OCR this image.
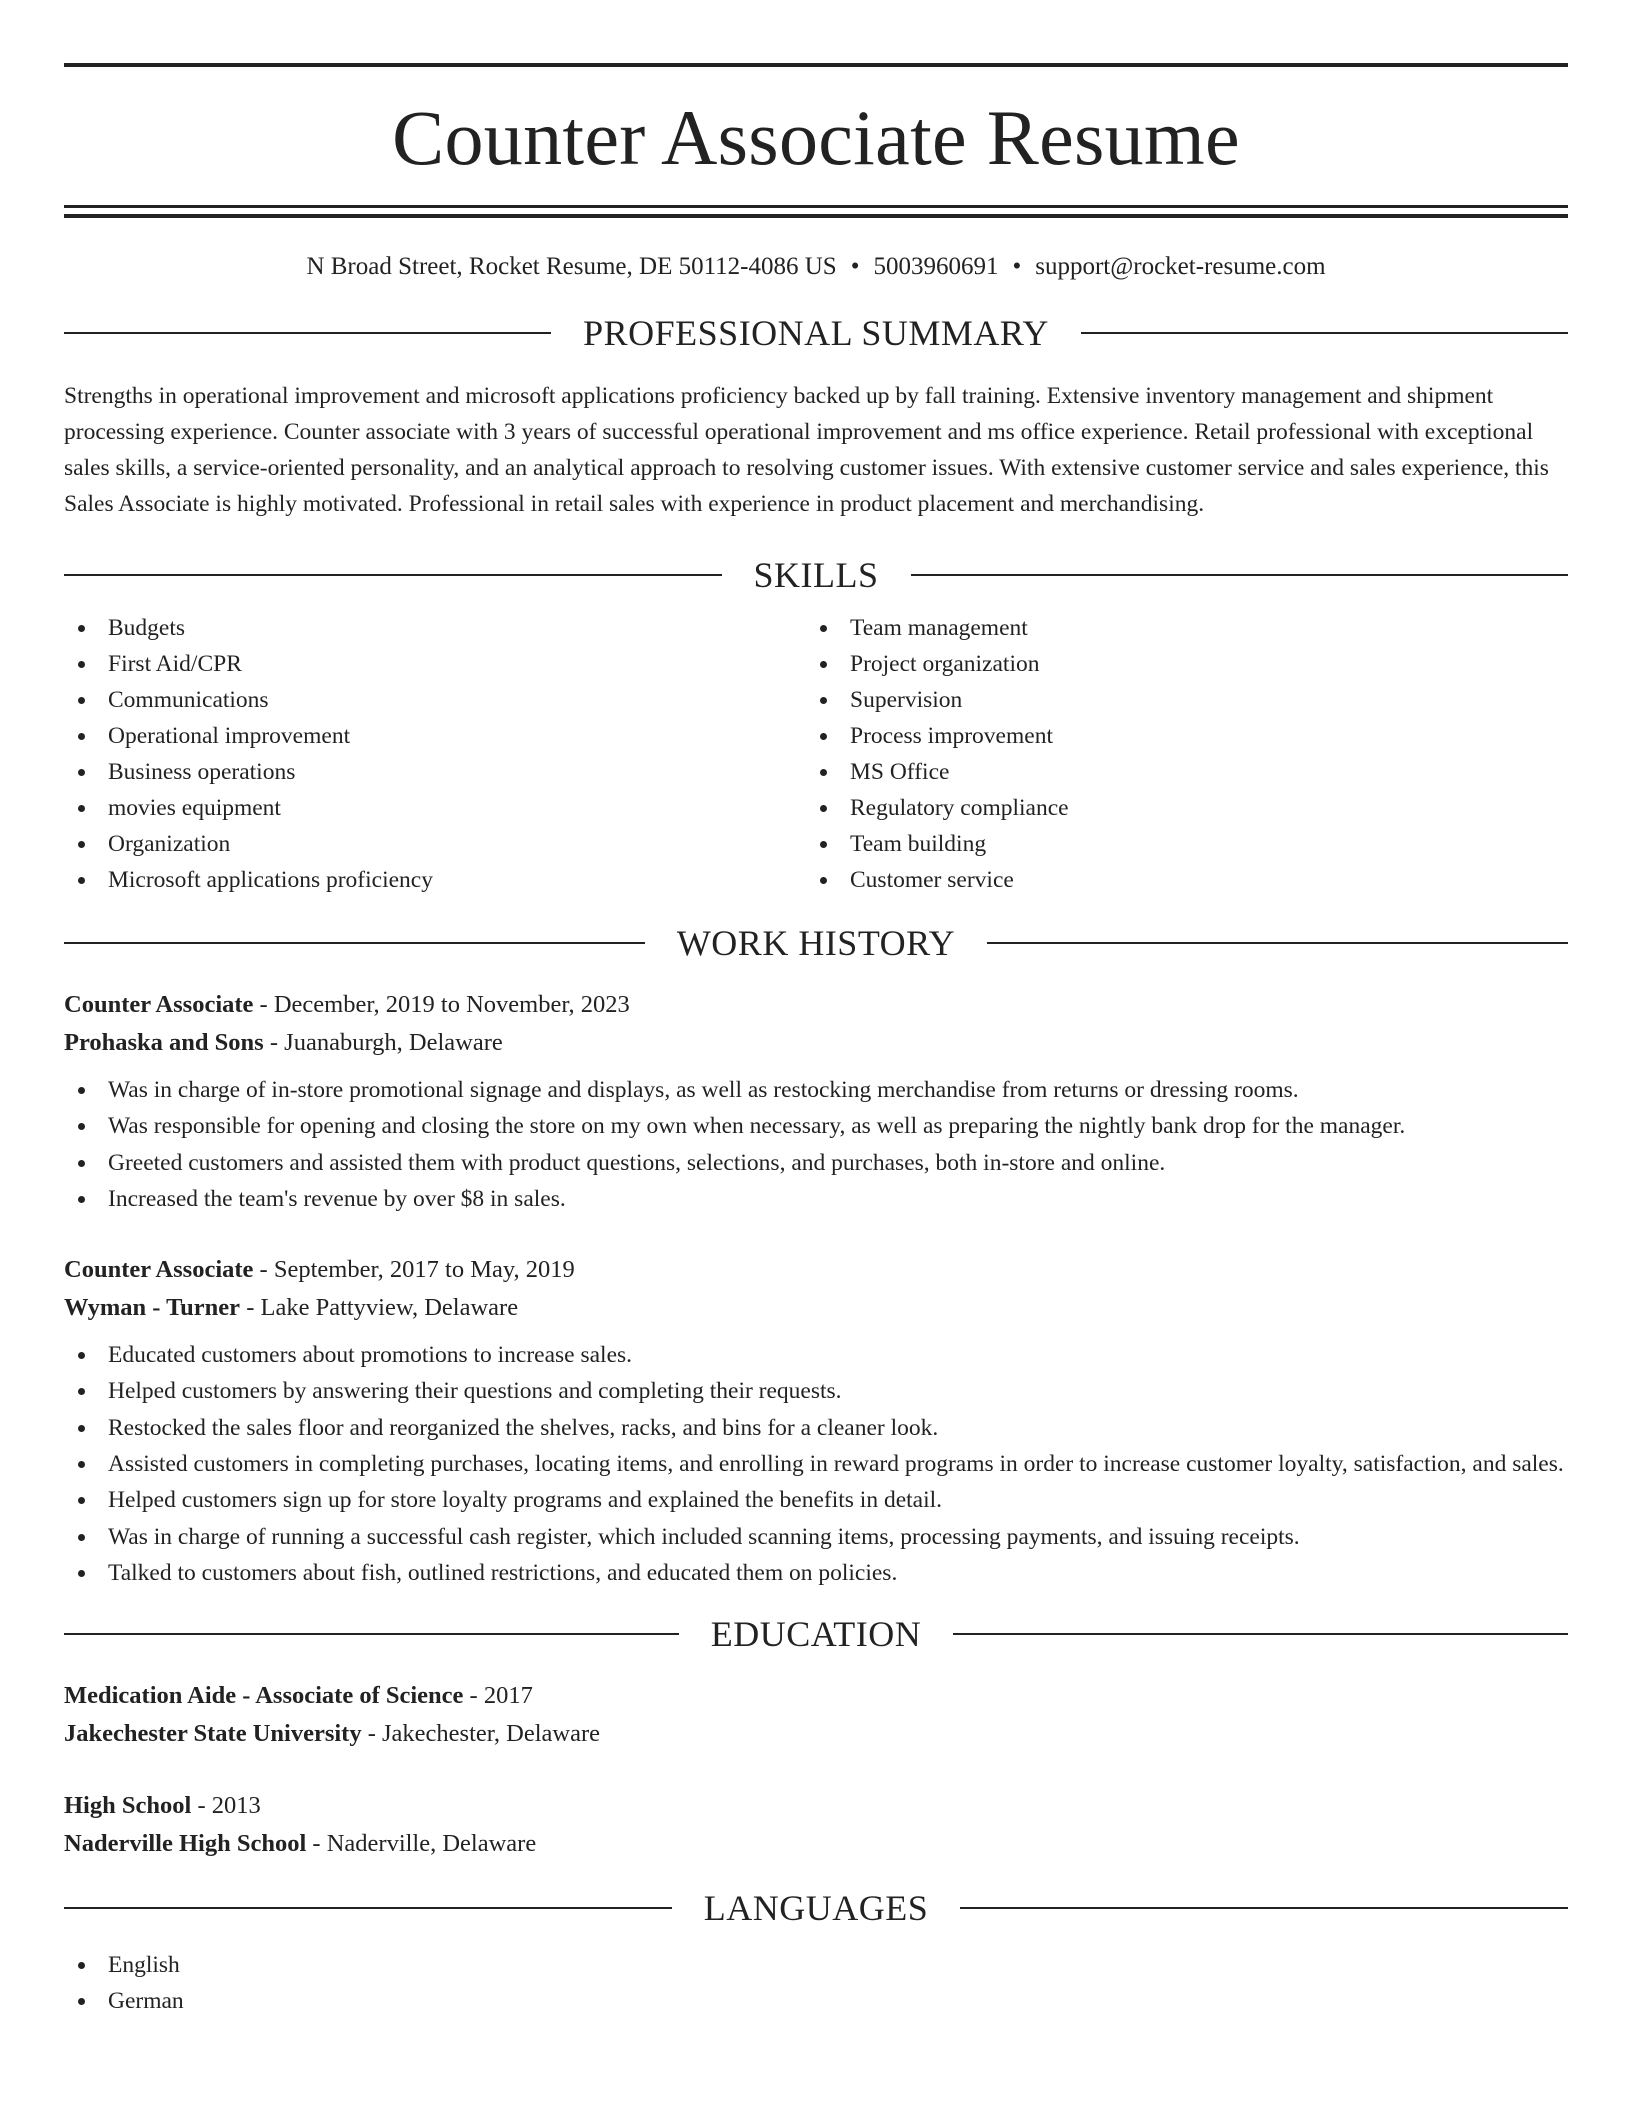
Counter Associate Resume
N Broad Street, Rocket Resume, DE 50112-4086 US • 5003960691 • support@rocket-resume.com
PROFESSIONAL SUMMARY

Strengths in operational improvement and microsoft applications proficiency backed up by fall training. Extensive inventory management and shipment processing experience. Counter associate with 3 years of successful operational improvement and ms office experience. Retail professional with exceptional sales skills, a service-oriented personality, and an analytical approach to resolving customer issues. With extensive customer service and sales experience, this Sales Associate is highly motivated. Professional in retail sales with experience in product placement and merchandising.

SKILLS
Budgets
First Aid/CPR
Communications
Operational improvement
Business operations
movies equipment
Organization
Microsoft applications proficiency
Team management
Project organization
Supervision
Process improvement
MS Office
Regulatory compliance
Team building
Customer service
WORK HISTORY
Counter Associate - December, 2019 to November, 2023
Prohaska and Sons - Juanaburgh, Delaware
Was in charge of in-store promotional signage and displays, as well as restocking merchandise from returns or dressing rooms.
Was responsible for opening and closing the store on my own when necessary, as well as preparing the nightly bank drop for the manager.
Greeted customers and assisted them with product questions, selections, and purchases, both in-store and online.
Increased the team's revenue by over $8 in sales.
Counter Associate - September, 2017 to May, 2019
Wyman - Turner - Lake Pattyview, Delaware
Educated customers about promotions to increase sales.
Helped customers by answering their questions and completing their requests.
Restocked the sales floor and reorganized the shelves, racks, and bins for a cleaner look.
Assisted customers in completing purchases, locating items, and enrolling in reward programs in order to increase customer loyalty, satisfaction, and sales.
Helped customers sign up for store loyalty programs and explained the benefits in detail.
Was in charge of running a successful cash register, which included scanning items, processing payments, and issuing receipts.
Talked to customers about fish, outlined restrictions, and educated them on policies.
EDUCATION
Medication Aide - Associate of Science - 2017
Jakechester State University - Jakechester, Delaware
High School - 2013
Naderville High School - Naderville, Delaware
LANGUAGES
English
German
